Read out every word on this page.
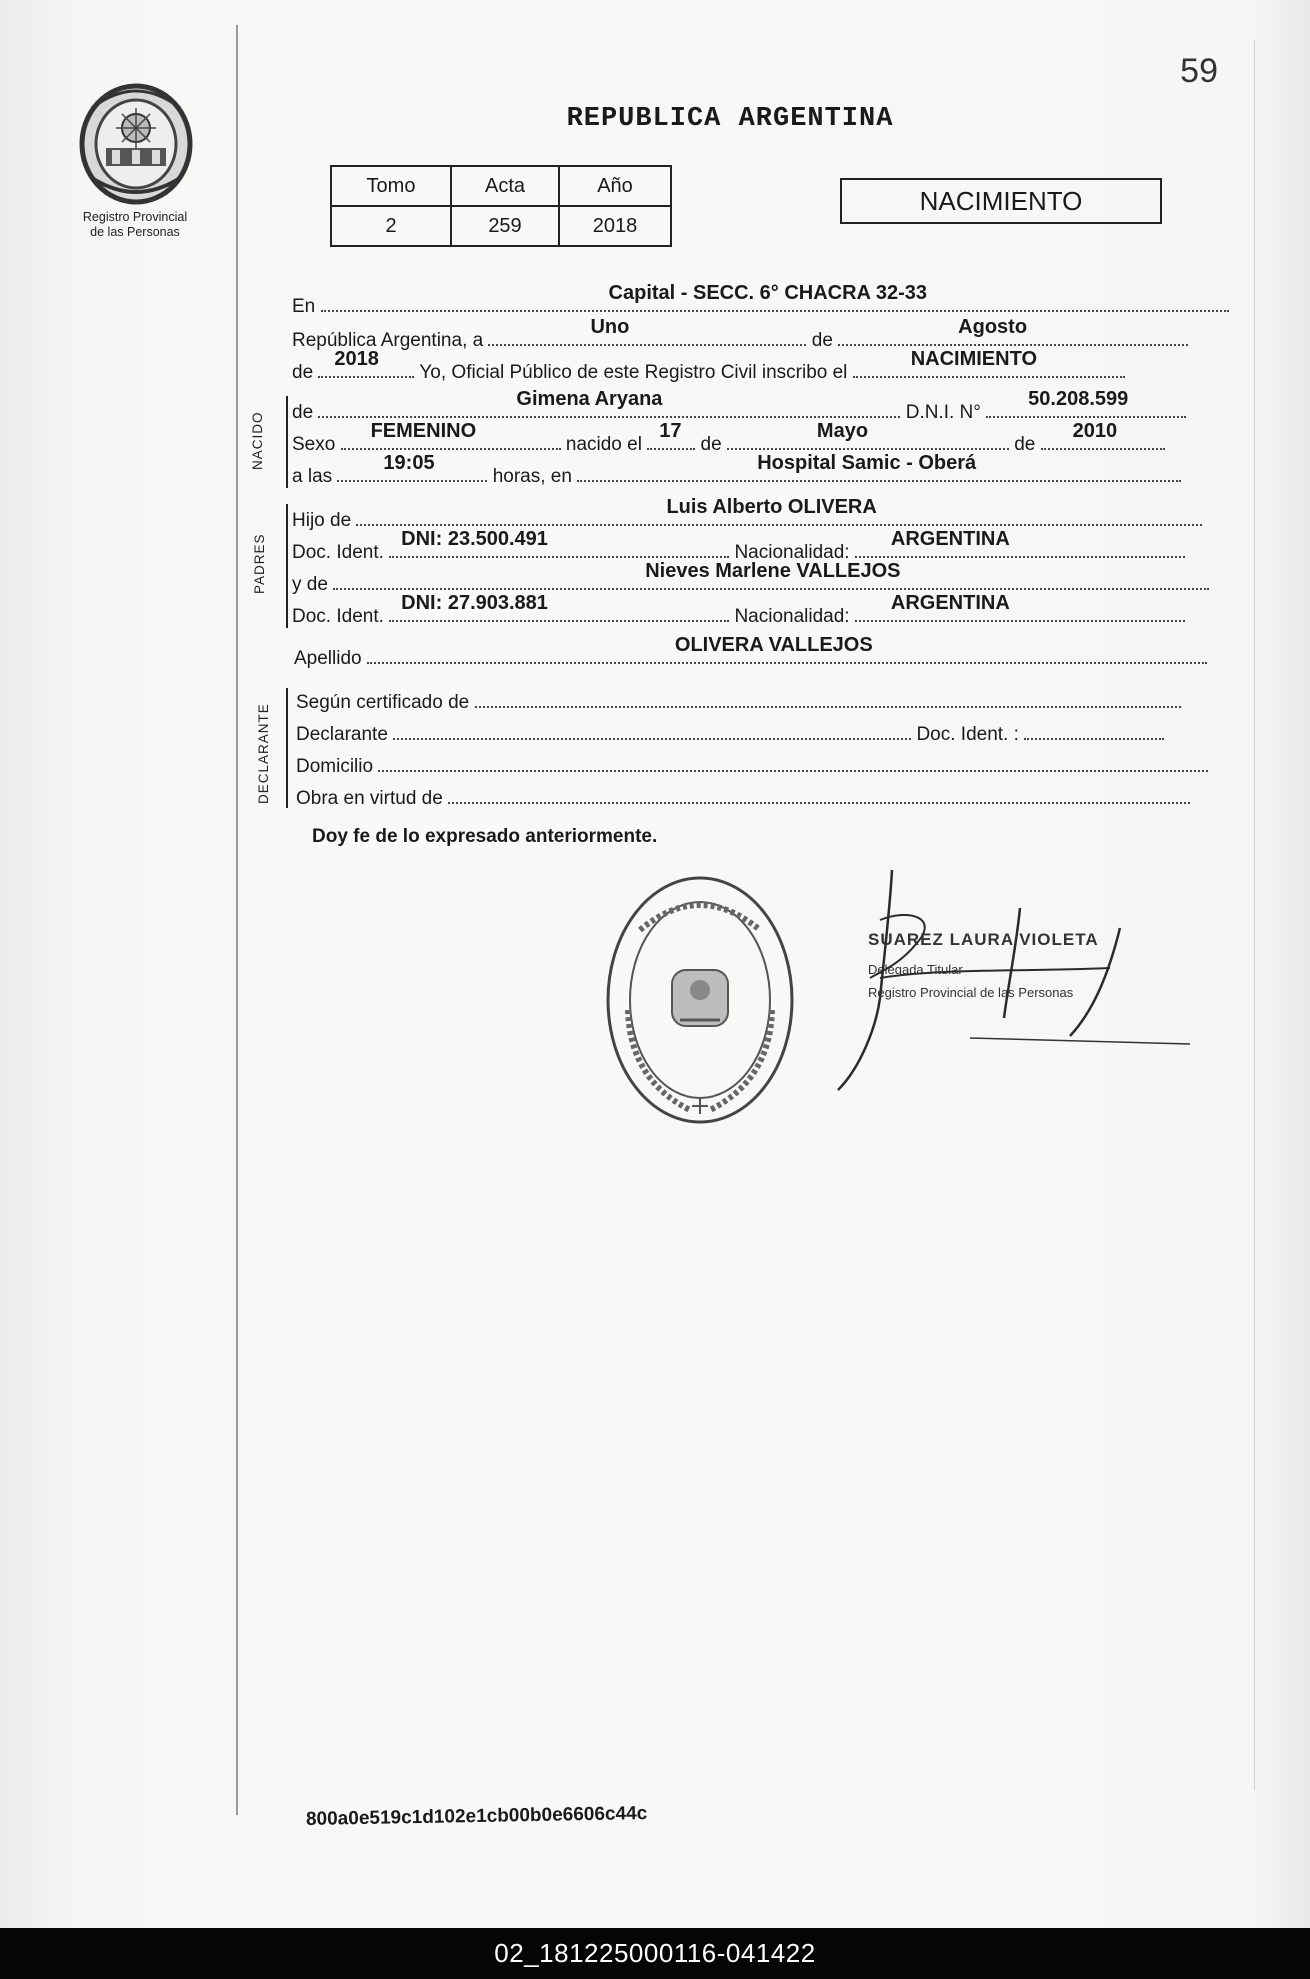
Registro Provincial
de las Personas
59
REPUBLICA ARGENTINA
Tomo	Acta	Año
2	259	2018
NACIMIENTO
En
Capital - SECC. 6° CHACRA 32-33
República Argentina, a
Uno
de
Agosto
de
2018
Yo, Oficial Público de este Registro Civil inscribo el
NACIMIENTO
NACIDO de
Gimena Aryana
D.N.I. N°
50.208.599
Sexo
FEMENINO
nacido el
17
de
Mayo
de
2010
a las
19:05
horas, en
Hospital Samic - Oberá
PADRES
Hijo de
Luis Alberto OLIVERA
Doc. Ident.
DNI: 23.500.491
Nacionalidad:
ARGENTINA
y de
Nieves Marlene VALLEJOS
Doc. Ident.
DNI: 27.903.881
Nacionalidad:
ARGENTINA
Apellido
OLIVERA VALLEJOS
DECLARANTE
Según certificado de
Declarante	Doc. Ident. :
Domicilio
Obra en virtud de
Doy fe de lo expresado anteriormente.
SUAREZ LAURA VIOLETA
Delegada Titular
Registro Provincial de las Personas
800a0e519c1d102e1cb00b0e6606c44c
02_181225000116-041422
